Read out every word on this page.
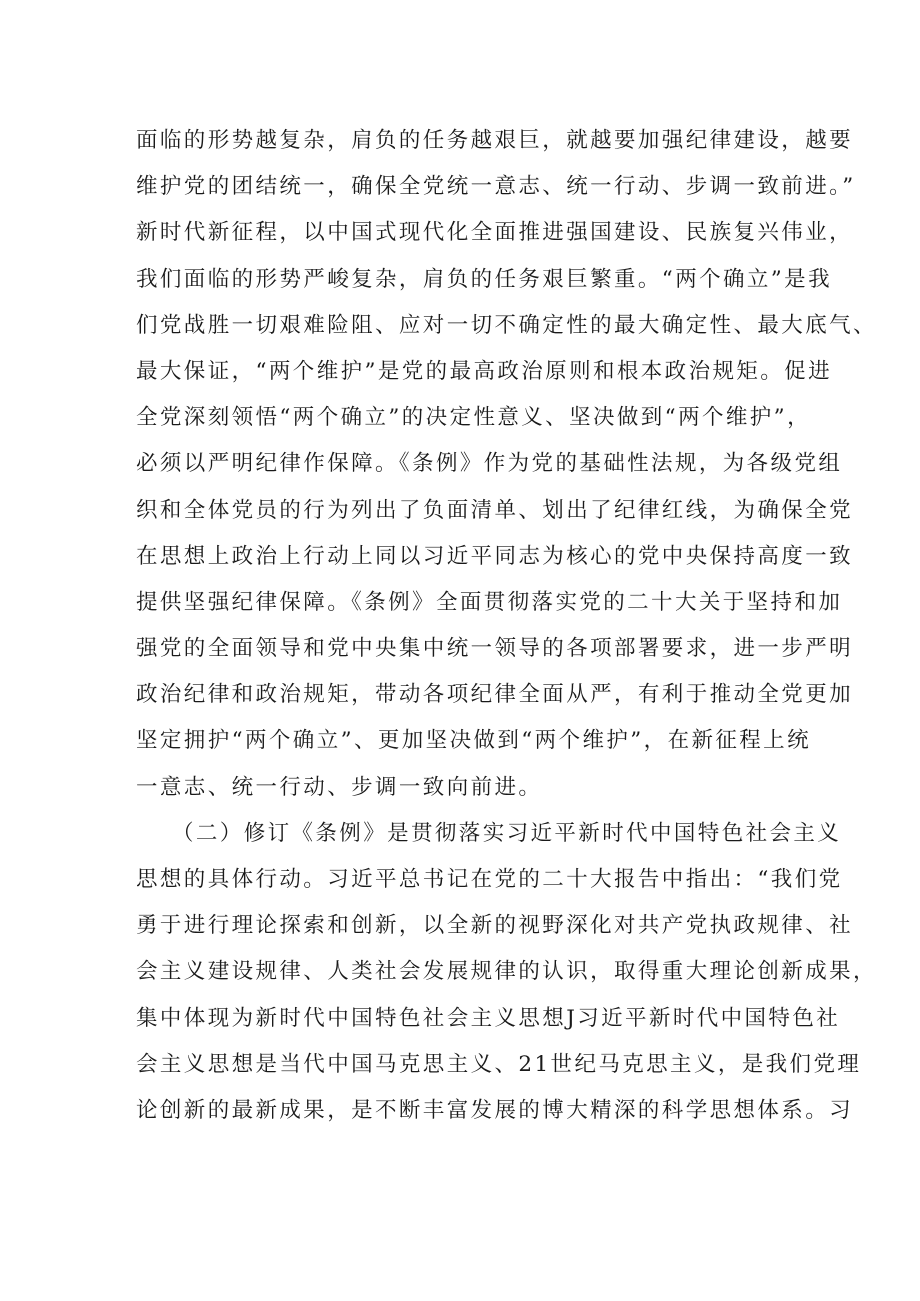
面临的形势越复杂，肩负的任务越艰巨，就越要加强纪律建设，越要
维护党的团结统一，确保全党统一意志、统一行动、步调一致前进。”
新时代新征程，以中国式现代化全面推进强国建设、民族复兴伟业，
我们面临的形势严峻复杂，肩负的任务艰巨繁重。“两个确立”是我
们党战胜一切艰难险阻、应对一切不确定性的最大确定性、最大底气、
最大保证，“两个维护”是党的最高政治原则和根本政治规矩。促进
全党深刻领悟“两个确立”的决定性意义、坚决做到“两个维护”，
必须以严明纪律作保障。《条例》作为党的基础性法规，为各级党组
织和全体党员的行为列出了负面清单、划出了纪律红线，为确保全党
在思想上政治上行动上同以习近平同志为核心的党中央保持高度一致
提供坚强纪律保障。《条例》全面贯彻落实党的二十大关于坚持和加
强党的全面领导和党中央集中统一领导的各项部署要求，进一步严明
政治纪律和政治规矩，带动各项纪律全面从严，有利于推动全党更加
坚定拥护“两个确立”、更加坚决做到“两个维护”，在新征程上统
一意志、统一行动、步调一致向前进。
（二）修订《条例》是贯彻落实习近平新时代中国特色社会主义
思想的具体行动。习近平总书记在党的二十大报告中指出：“我们党
勇于进行理论探索和创新，以全新的视野深化对共产党执政规律、社
会主义建设规律、人类社会发展规律的认识，取得重大理论创新成果，
集中体现为新时代中国特色社会主义思想J习近平新时代中国特色社
会主义思想是当代中国马克思主义、21世纪马克思主义，是我们党理
论创新的最新成果，是不断丰富发展的博大精深的科学思想体系。习
